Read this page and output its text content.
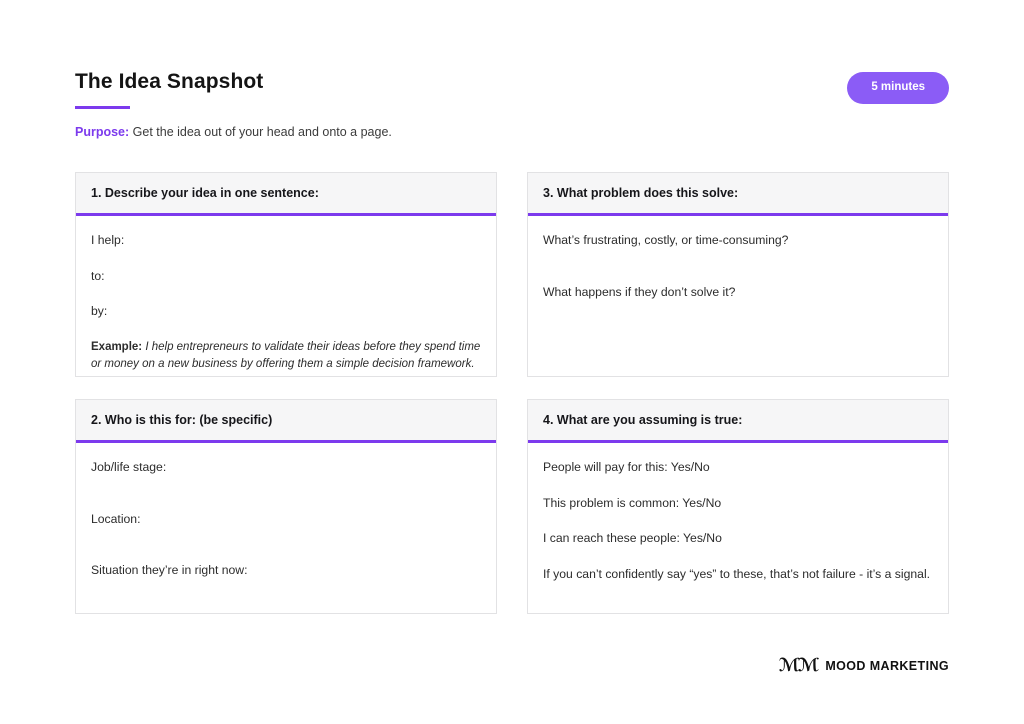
The Idea Snapshot
Purpose: Get the idea out of your head and onto a page.
5 minutes
1. Describe your idea in one sentence:

I help:

to:

by:

Example: I help entrepreneurs to validate their ideas before they spend time or money on a new business by offering them a simple decision framework.

3. What problem does this solve:

What’s frustrating, costly, or time-consuming?

What happens if they don’t solve it?

2. Who is this for: (be specific)

Job/life stage:

Location:

Situation they’re in right now:

4. What are you assuming is true:

People will pay for this: Yes/No

This problem is common: Yes/No

I can reach these people: Yes/No

If you can’t confidently say “yes” to these, that’s not failure - it’s a signal.

ℳℳ MOOD MARKETING
